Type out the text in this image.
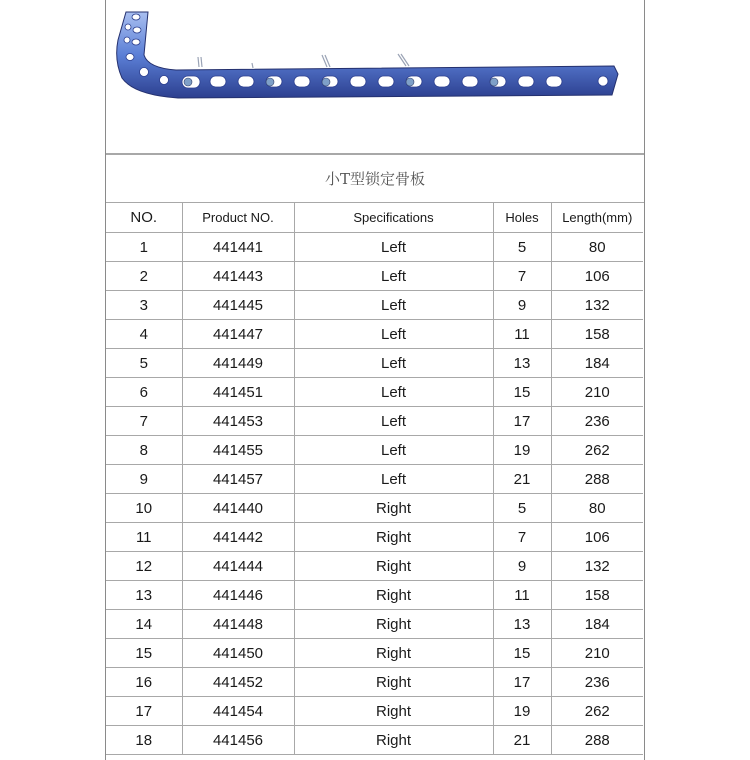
小T型锁定骨板
NO.	Product NO.	Specifications	Holes	Length(mm)
1	441441	Left	5	80
2	441443	Left	7	106
3	441445	Left	9	132
4	441447	Left	11	158
5	441449	Left	13	184
6	441451	Left	15	210
7	441453	Left	17	236
8	441455	Left	19	262
9	441457	Left	21	288
10	441440	Right	5	80
11	441442	Right	7	106
12	441444	Right	9	132
13	441446	Right	11	158
14	441448	Right	13	184
15	441450	Right	15	210
16	441452	Right	17	236
17	441454	Right	19	262
18	441456	Right	21	288
